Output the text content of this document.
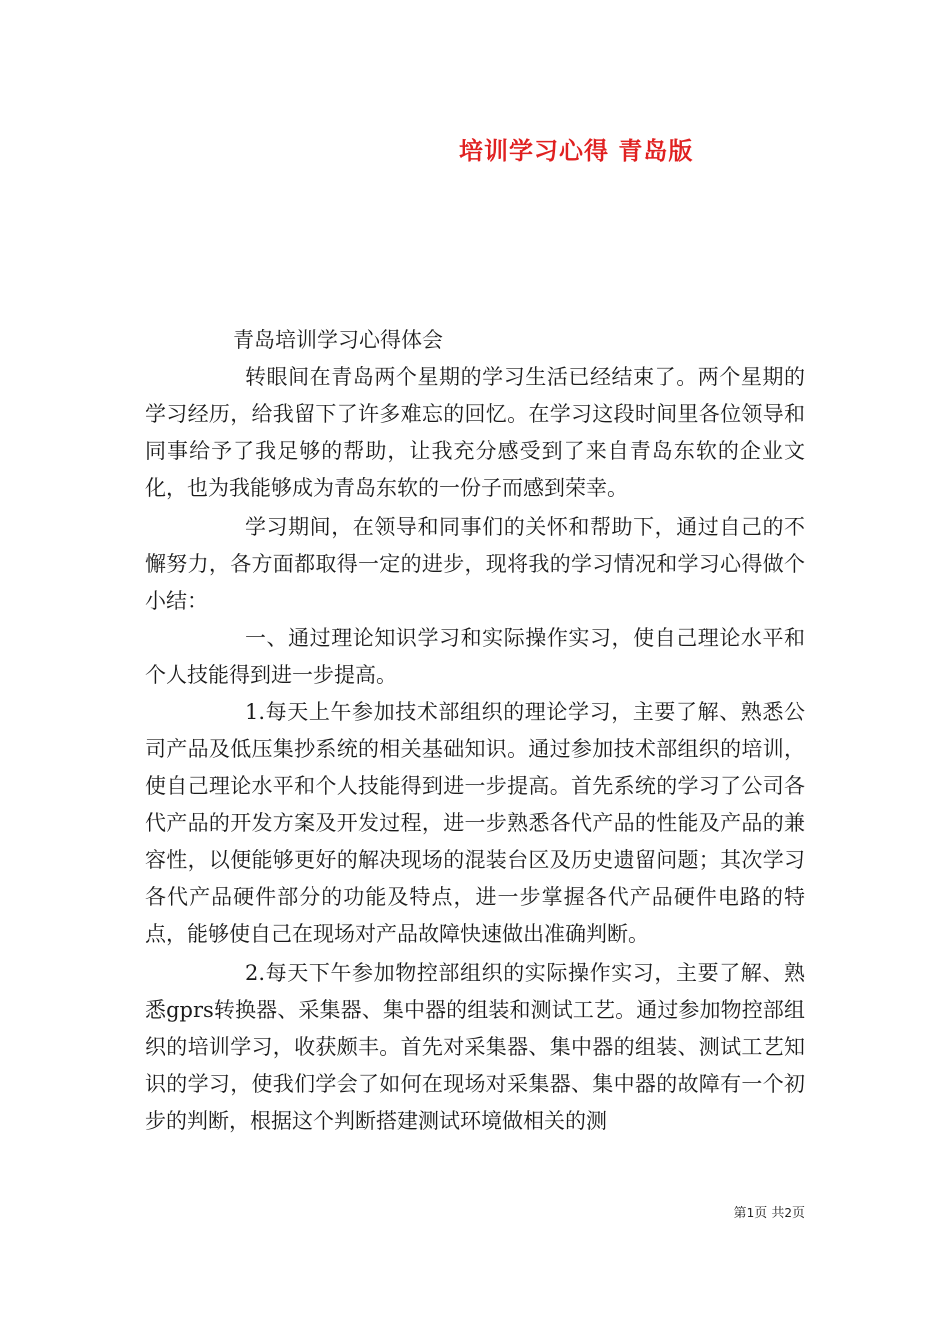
培训学习心得 青岛版

青岛培训学习心得体会

转眼间在青岛两个星期的学习生活已经结束了。两个星期的学习经历，给我留下了许多难忘的回忆。在学习这段时间里各位领导和同事给予了我足够的帮助，让我充分感受到了来自青岛东软的企业文化，也为我能够成为青岛东软的一份子而感到荣幸。

学习期间，在领导和同事们的关怀和帮助下，通过自己的不懈努力，各方面都取得一定的进步，现将我的学习情况和学习心得做个小结：

一、通过理论知识学习和实际操作实习，使自己理论水平和个人技能得到进一步提高。

1.每天上午参加技术部组织的理论学习，主要了解、熟悉公司产品及低压集抄系统的相关基础知识。通过参加技术部组织的培训，使自己理论水平和个人技能得到进一步提高。首先系统的学习了公司各代产品的开发方案及开发过程，进一步熟悉各代产品的性能及产品的兼容性，以便能够更好的解决现场的混装台区及历史遗留问题；其次学习各代产品硬件部分的功能及特点，进一步掌握各代产品硬件电路的特点，能够使自己在现场对产品故障快速做出准确判断。

2.每天下午参加物控部组织的实际操作实习，主要了解、熟悉gprs转换器、采集器、集中器的组装和测试工艺。通过参加物控部组织的培训学习，收获颇丰。首先对采集器、集中器的组装、测试工艺知识的学习，使我们学会了如何在现场对采集器、集中器的故障有一个初步的判断，根据这个判断搭建测试环境做相关的测

第1页 共2页
